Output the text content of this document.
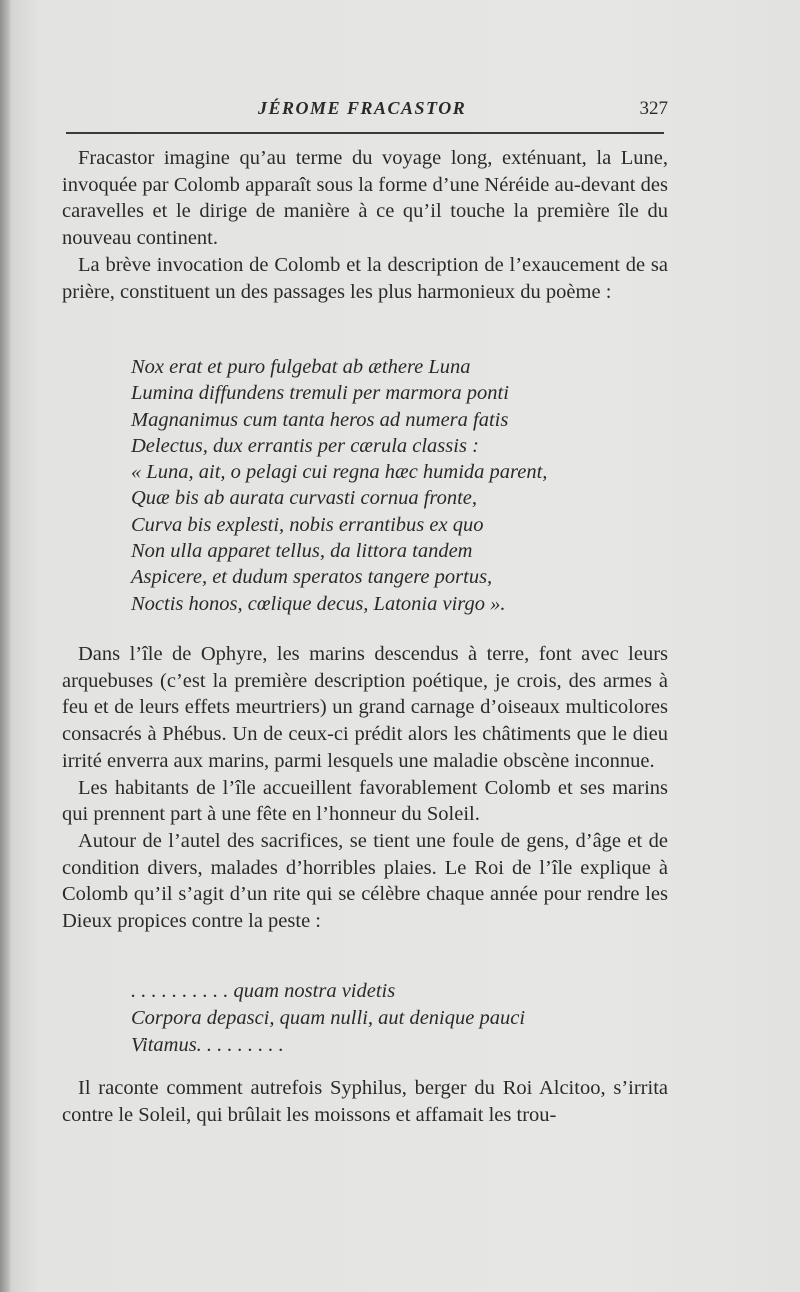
JÉROME FRACASTOR	327

Fracastor imagine qu’au terme du voyage long, exténuant, la Lune, invoquée par Colomb apparaît sous la forme d’une Néréide au-devant des caravelles et le dirige de manière à ce qu’il touche la première île du nouveau continent.

La brève invocation de Colomb et la description de l’exaucement de sa prière, constituent un des passages les plus harmonieux du poème :

Nox erat et puro fulgebat ab æthere Luna
Lumina diffundens tremuli per marmora ponti
Magnanimus cum tanta heros ad numera fatis
Delectus, dux errantis per cærula classis :
« Luna, ait, o pelagi cui regna hæc humida parent,
Quæ bis ab aurata curvasti cornua fronte,
Curva bis explesti, nobis errantibus ex quo
Non ulla apparet tellus, da littora tandem
Aspicere, et dudum speratos tangere portus,
Noctis honos, cœlique decus, Latonia virgo ».

Dans l’île de Ophyre, les marins descendus à terre, font avec leurs arquebuses (c’est la première description poétique, je crois, des armes à feu et de leurs effets meurtriers) un grand carnage d’oiseaux multicolores consacrés à Phébus. Un de ceux-ci prédit alors les châtiments que le dieu irrité enverra aux marins, parmi lesquels une maladie obscène inconnue.

Les habitants de l’île accueillent favorablement Colomb et ses marins qui prennent part à une fête en l’honneur du Soleil.

Autour de l’autel des sacrifices, se tient une foule de gens, d’âge et de condition divers, malades d’horribles plaies. Le Roi de l’île explique à Colomb qu’il s’agit d’un rite qui se célèbre chaque année pour rendre les Dieux propices contre la peste :

. . . . . . . . . . quam nostra videtis
Corpora depasci, quam nulli, aut denique pauci
Vitamus. . . . . . . . .

Il raconte comment autrefois Syphilus, berger du Roi Alcitoo, s’irrita contre le Soleil, qui brûlait les moissons et affamait les trou-
